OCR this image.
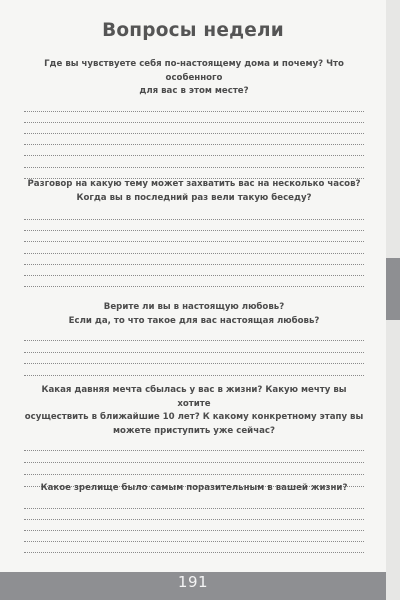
Вопросы недели
Где вы чувствуете себя по-настоящему дома и почему? Что особенного
для вас в этом месте?
Разговор на какую тему может захватить вас на несколько часов?
Когда вы в последний раз вели такую беседу?
Верите ли вы в настоящую любовь?
Если да, то что такое для вас настоящая любовь?
Какая давняя мечта сбылась у вас в жизни? Какую мечту вы хотите
осуществить в ближайшие 10 лет? К какому конкретному этапу вы
можете приступить уже сейчас?
Какое зрелище было самым поразительным в вашей жизни?
191
